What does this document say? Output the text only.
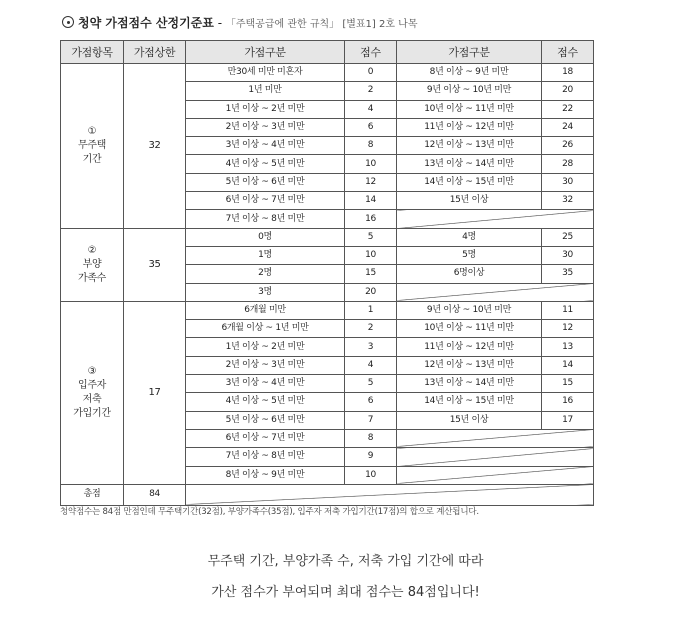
청약 가점점수 산정기준표 - 「주택공급에 관한 규칙」 [별표1] 2호 나목
가점항목	가점상한	가점구분	점수	가점구분	점수
①
무주택
기간	32	만30세 미만 미혼자	0	8년 이상 ~ 9년 미만	18
		1년 미만	2	9년 이상 ~ 10년 미만	20
		1년 이상 ~ 2년 미만	4	10년 이상 ~ 11년 미만	22
		2년 이상 ~ 3년 미만	6	11년 이상 ~ 12년 미만	24
		3년 이상 ~ 4년 미만	8	12년 이상 ~ 13년 미만	26
		4년 이상 ~ 5년 미만	10	13년 이상 ~ 14년 미만	28
		5년 이상 ~ 6년 미만	12	14년 이상 ~ 15년 미만	30
		6년 이상 ~ 7년 미만	14	15년 이상	32
		7년 이상 ~ 8년 미만	16		
②
부양
가족수	35	0명	5	4명	25
		1명	10	5명	30
		2명	15	6명이상	35
		3명	20		
③
입주자
저축
가입기간	17	6개월 미만	1	9년 이상 ~ 10년 미만	11
		6개월 이상 ~ 1년 미만	2	10년 이상 ~ 11년 미만	12
		1년 이상 ~ 2년 미만	3	11년 이상 ~ 12년 미만	13
		2년 이상 ~ 3년 미만	4	12년 이상 ~ 13년 미만	14
		3년 이상 ~ 4년 미만	5	13년 이상 ~ 14년 미만	15
		4년 이상 ~ 5년 미만	6	14년 이상 ~ 15년 미만	16
		5년 이상 ~ 6년 미만	7	15년 이상	17
		6년 이상 ~ 7년 미만	8		
		7년 이상 ~ 8년 미만	9		
		8년 이상 ~ 9년 미만	10		
총점	84				
청약점수는 84점 만점인데 무주택기간(32점), 부양가족수(35점), 입주자 저축 가입기간(17점)의 합으로 계산됩니다.
무주택 기간, 부양가족 수, 저축 가입 기간에 따라
가산 점수가 부여되며 최대 점수는 84점입니다!
